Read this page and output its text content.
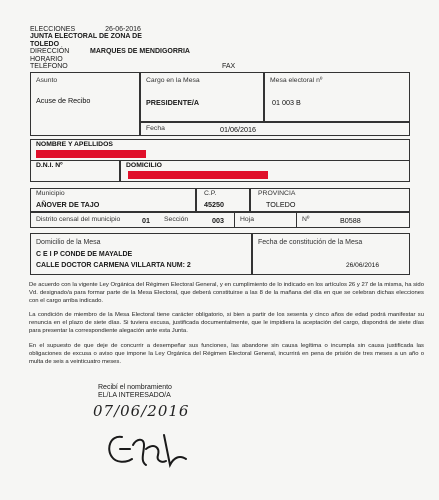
ELECCIONES	26-06-2016
JUNTA ELECTORAL DE ZONA DE
TOLEDO
DIRECCIÓN	MARQUES DE MENDIGORRIA
HORARIO
TELÉFONO	FAX
Asunto
Acuse de Recibo
Cargo en la Mesa
PRESIDENTE/A
Mesa electoral nº
01 003 B
Fecha	01/06/2016
NOMBRE Y APELLIDOS
D.N.I. Nº	DOMICILIO
Municipio
AÑOVER DE TAJO
C.P.
45250
PROVINCIA
TOLEDO
Distrito censal del municipio	01 Sección	003 Hoja	Nº	B0588
Domicilio de la Mesa
C E I P CONDE DE MAYALDE
CALLE DOCTOR CARMENA VILLARTA NUM: 2
Fecha de constitución de la Mesa
26/06/2016
De acuerdo con la vigente Ley Orgánica del Régimen Electoral General, y en cumplimiento de lo indicado en los artículos 26 y 27 de la misma, ha sido Vd. designado/a para formar parte de la Mesa Electoral, que deberá constituirse a las 8 de la mañana del día en que se celebran dichas elecciones con el cargo arriba indicado.
La condición de miembro de la Mesa Electoral tiene carácter obligatorio, si bien a partir de los sesenta y cinco años de edad podrá manifestar su renuncia en el plazo de siete días. Si tuviera excusa, justificada documentalmente, que le impidiera la aceptación del cargo, dispondrá de siete días para presentar la correspondiente alegación ante esta Junta.
En el supuesto de que deje de concurrir a desempeñar sus funciones, las abandone sin causa legítima o incumpla sin causa justificada las obligaciones de excusa o aviso que impone la Ley Orgánica del Régimen Electoral General, incurrirá en pena de prisión de tres meses a un año o multa de seis a veinticuatro meses.
Recibí el nombramiento
EL/LA INTERESADO/A
07/06/2016
